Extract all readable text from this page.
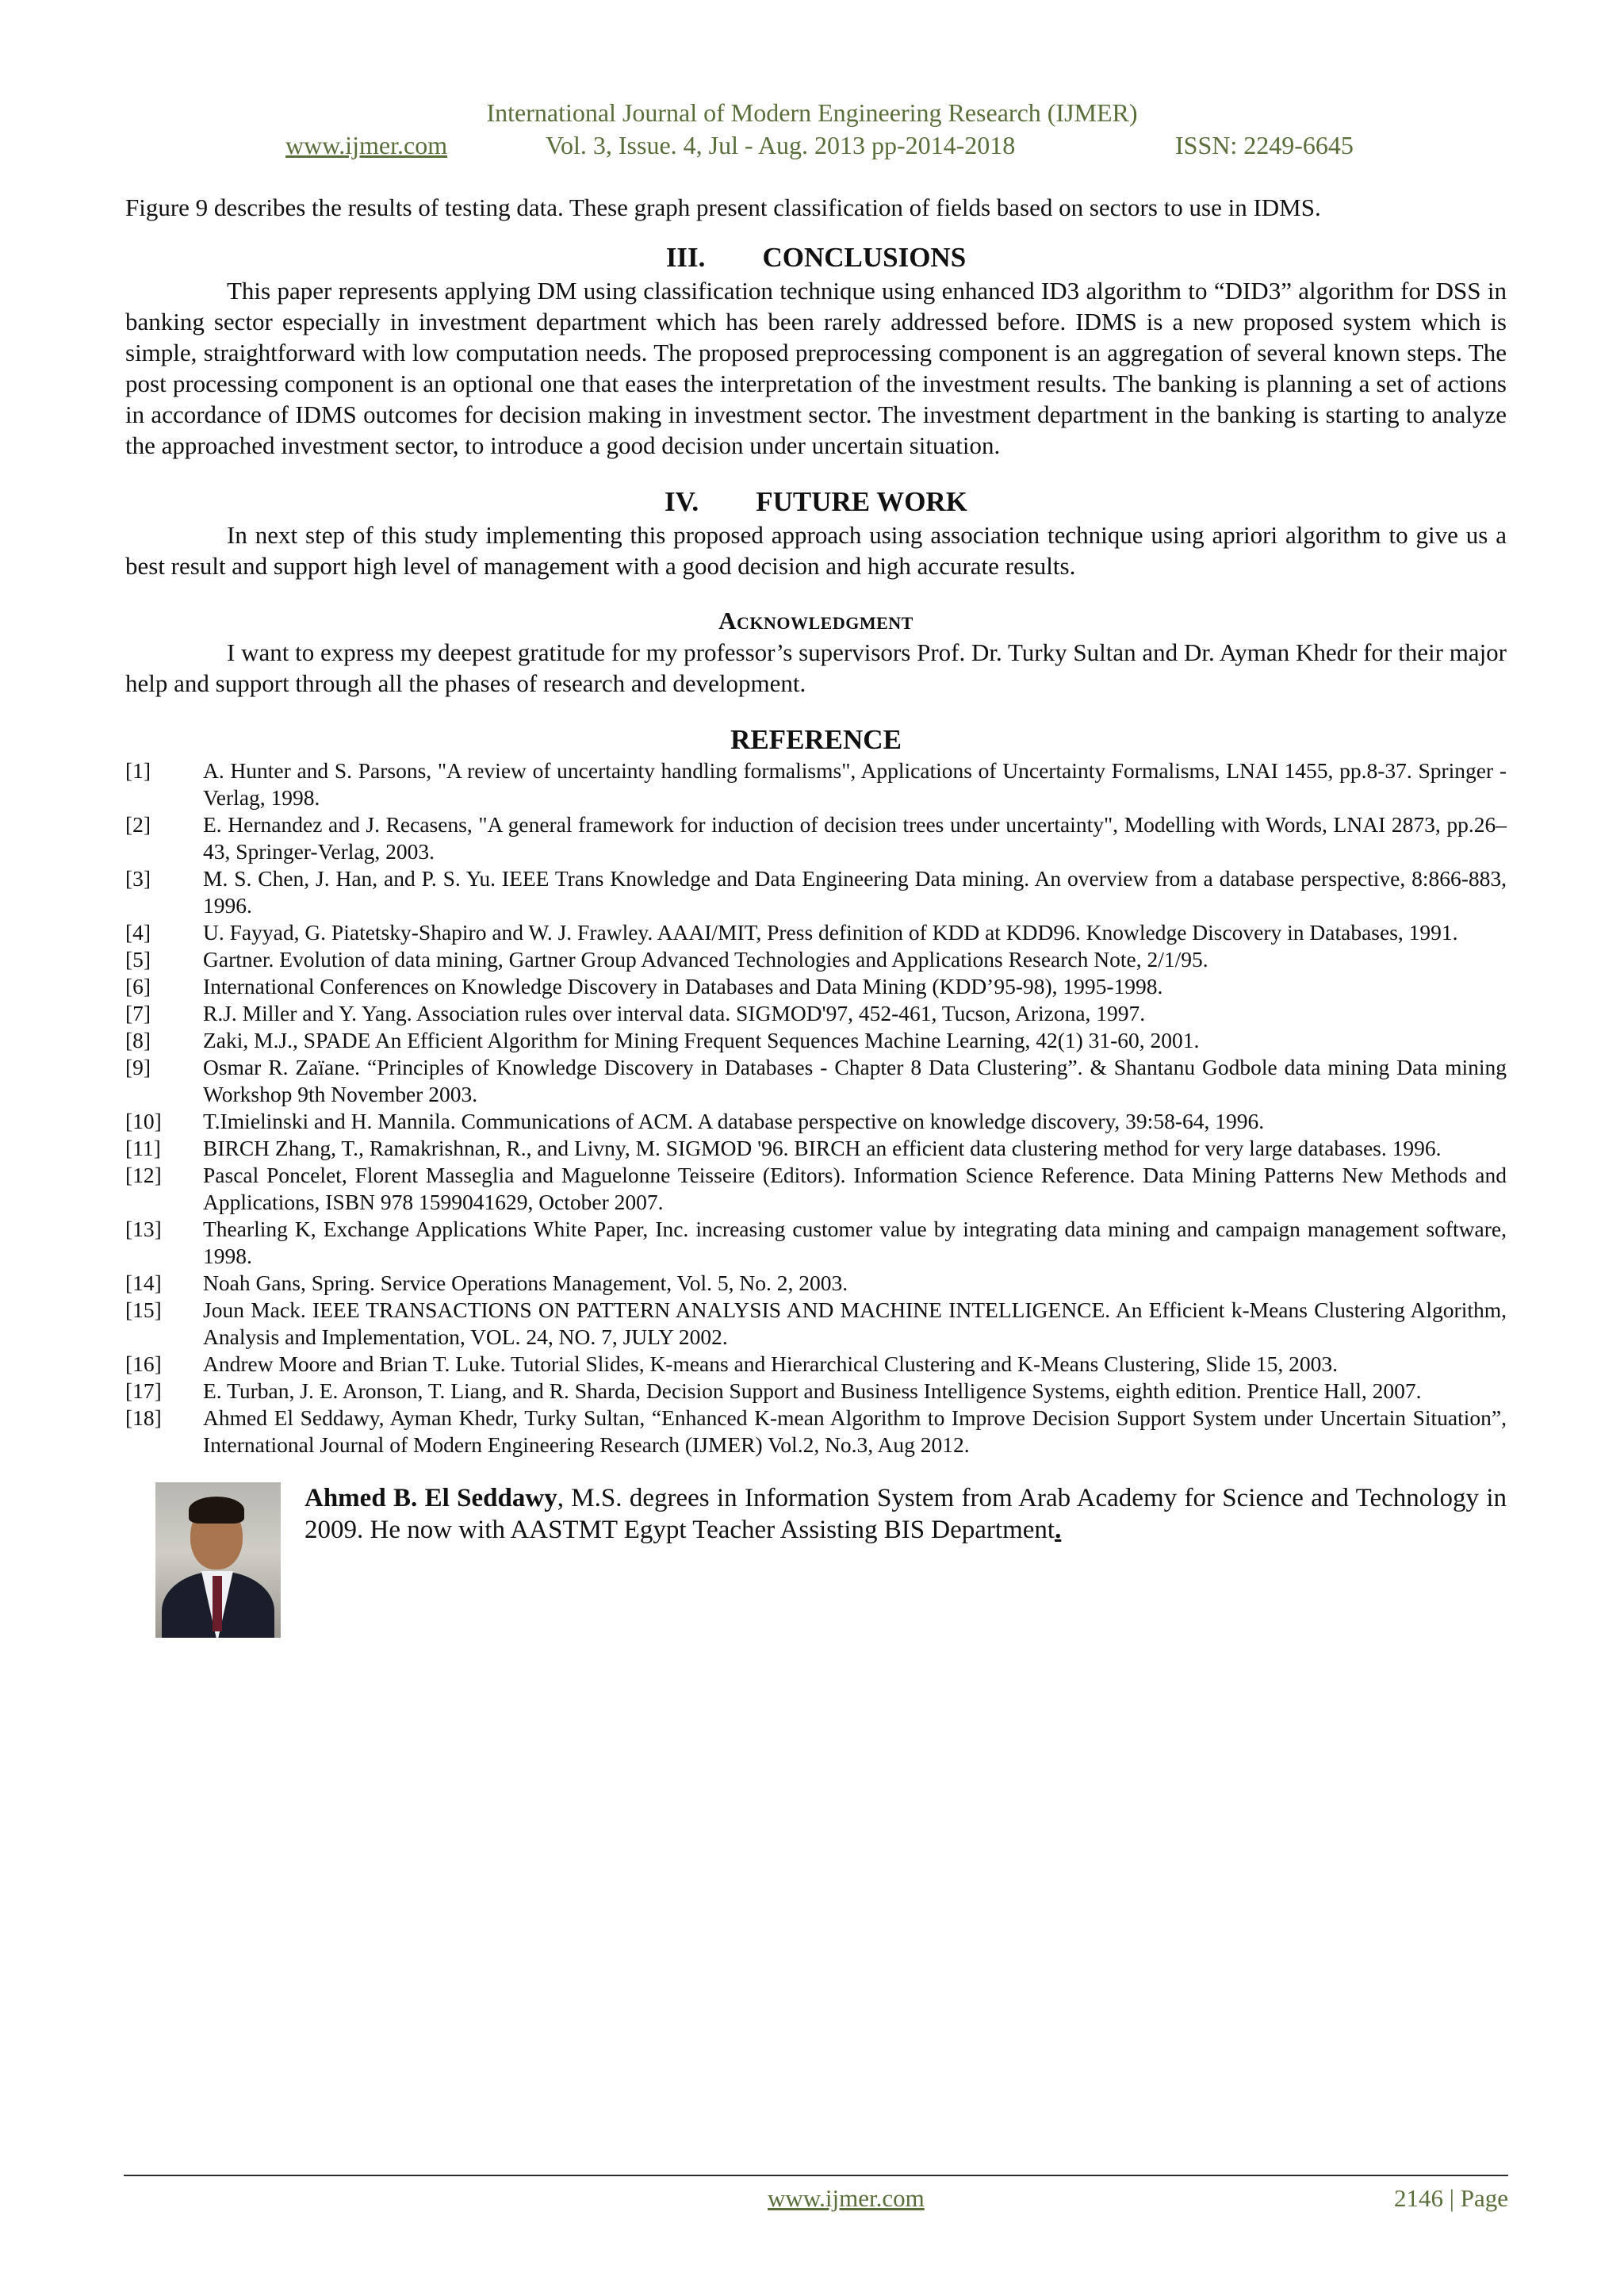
International Journal of Modern Engineering Research (IJMER)
www.ijmer.com	Vol. 3, Issue. 4, Jul - Aug. 2013 pp-2014-2018	ISSN: 2249-6645

Figure 9 describes the results of testing data. These graph present classification of fields based on sectors to use in IDMS.

III. CONCLUSIONS

This paper represents applying DM using classification technique using enhanced ID3 algorithm to “DID3” algorithm for DSS in banking sector especially in investment department which has been rarely addressed before. IDMS is a new proposed system which is simple, straightforward with low computation needs. The proposed preprocessing component is an aggregation of several known steps. The post processing component is an optional one that eases the interpretation of the investment results. The banking is planning a set of actions in accordance of IDMS outcomes for decision making in investment sector. The investment department in the banking is starting to analyze the approached investment sector, to introduce a good decision under uncertain situation.

IV. FUTURE WORK

In next step of this study implementing this proposed approach using association technique using apriori algorithm to give us a best result and support high level of management with a good decision and high accurate results.

Acknowledgment

I want to express my deepest gratitude for my professor’s supervisors Prof. Dr. Turky Sultan and Dr. Ayman Khedr for their major help and support through all the phases of research and development.

REFERENCE
[1] A. Hunter and S. Parsons, "A review of uncertainty handling formalisms", Applications of Uncertainty Formalisms, LNAI 1455, pp.8-37. Springer -Verlag, 1998.
[2] E. Hernandez and J. Recasens, "A general framework for induction of decision trees under uncertainty", Modelling with Words, LNAI 2873, pp.26–43, Springer-Verlag, 2003.
[3] M. S. Chen, J. Han, and P. S. Yu. IEEE Trans Knowledge and Data Engineering Data mining. An overview from a database perspective, 8:866-883, 1996.
[4] U. Fayyad, G. Piatetsky-Shapiro and W. J. Frawley. AAAI/MIT, Press definition of KDD at KDD96. Knowledge Discovery in Databases, 1991.
[5] Gartner. Evolution of data mining, Gartner Group Advanced Technologies and Applications Research Note, 2/1/95.
[6] International Conferences on Knowledge Discovery in Databases and Data Mining (KDD’95-98), 1995-1998.
[7] R.J. Miller and Y. Yang. Association rules over interval data. SIGMOD'97, 452-461, Tucson, Arizona, 1997.
[8] Zaki, M.J., SPADE An Efficient Algorithm for Mining Frequent Sequences Machine Learning, 42(1) 31-60, 2001.
[9] Osmar R. Zaïane. “Principles of Knowledge Discovery in Databases - Chapter 8 Data Clustering”. & Shantanu Godbole data mining Data mining Workshop 9th November 2003.
[10] T.Imielinski and H. Mannila. Communications of ACM. A database perspective on knowledge discovery, 39:58-64, 1996.
[11] BIRCH Zhang, T., Ramakrishnan, R., and Livny, M. SIGMOD '96. BIRCH an efficient data clustering method for very large databases. 1996.
[12] Pascal Poncelet, Florent Masseglia and Maguelonne Teisseire (Editors). Information Science Reference. Data Mining Patterns New Methods and Applications, ISBN 978 1599041629, October 2007.
[13] Thearling K, Exchange Applications White Paper, Inc. increasing customer value by integrating data mining and campaign management software, 1998.
[14] Noah Gans, Spring. Service Operations Management, Vol. 5, No. 2, 2003.
[15] Joun Mack. IEEE TRANSACTIONS ON PATTERN ANALYSIS AND MACHINE INTELLIGENCE. An Efficient k-Means Clustering Algorithm, Analysis and Implementation, VOL. 24, NO. 7, JULY 2002.
[16] Andrew Moore and Brian T. Luke. Tutorial Slides, K-means and Hierarchical Clustering and K-Means Clustering, Slide 15, 2003.
[17] E. Turban, J. E. Aronson, T. Liang, and R. Sharda, Decision Support and Business Intelligence Systems, eighth edition. Prentice Hall, 2007.
[18] Ahmed El Seddawy, Ayman Khedr, Turky Sultan, “Enhanced K-mean Algorithm to Improve Decision Support System under Uncertain Situation”, International Journal of Modern Engineering Research (IJMER) Vol.2, No.3, Aug 2012.
Ahmed B. El Seddawy, M.S. degrees in Information System from Arab Academy for Science and Technology in 2009. He now with AASTMT Egypt Teacher Assisting BIS Department.
www.ijmer.com	2146 | Page
